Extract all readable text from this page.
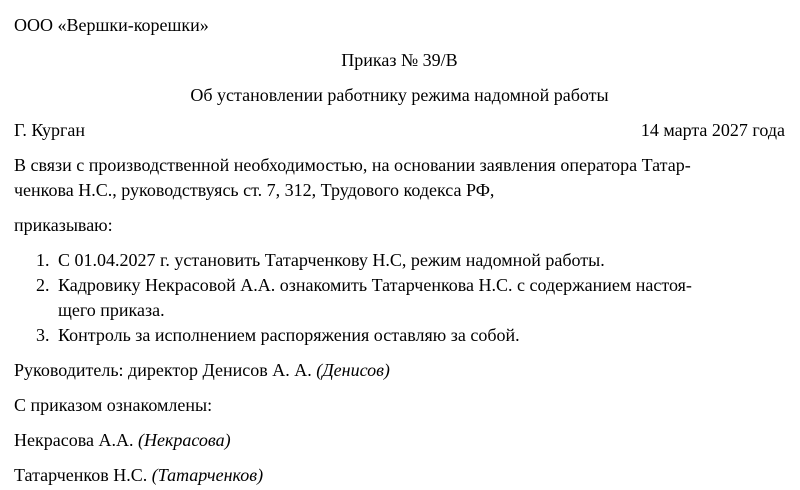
ООО «Вершки-корешки»
Приказ № 39/В
Об установлении работнику режима надомной работы
Г. Курган	14 марта 2027 года
В связи с производственной необходимостью, на основании заявления оператора Татар-
ченкова Н.С., руководствуясь ст. 7, 312, Трудового кодекса РФ,
приказываю:
1. С 01.04.2027 г. установить Татарченкову Н.С, режим надомной работы.
2. Кадровику Некрасовой А.А. ознакомить Татарченкова Н.С. с содержанием настоя-
щего приказа.
3. Контроль за исполнением распоряжения оставляю за собой.
Руководитель: директор Денисов А. А. (Денисов)
С приказом ознакомлены:
Некрасова А.А. (Некрасова)
Татарченков Н.С. (Татарченков)
